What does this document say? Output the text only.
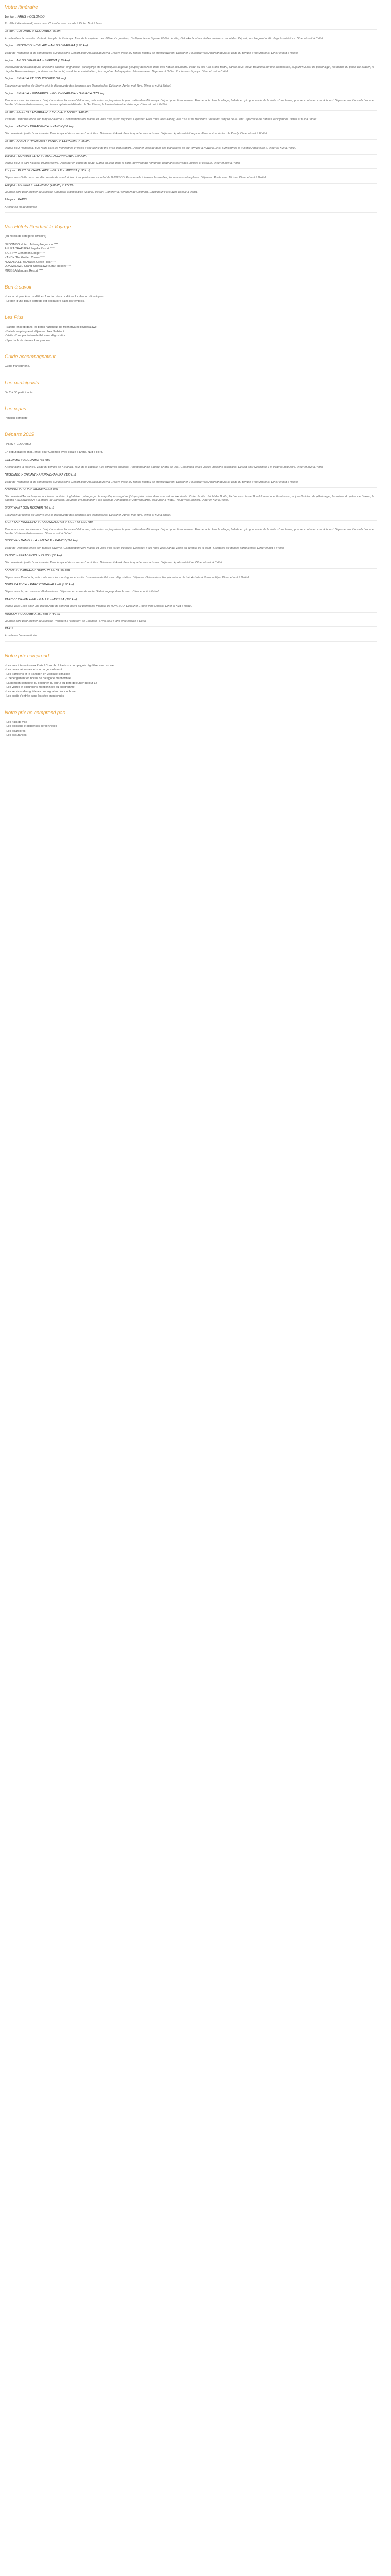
Votre itinéraire

1er jour : PARIS > COLOMBO

En début d'après-midi, envol pour Colombo avec escale à Doha. Nuit à bord.

2e jour : COLOMBO > NEGOMBO (65 km)

Arrivée dans la matinée. Visite du temple de Kelaniya. Tour de la capitale : les différents quartiers, l'indépendance Square, l'hôtel de ville, Galpokuda et les vieilles maisons coloniales. Départ pour Negombo. Fin d'après-midi libre. Dîner et nuit à l'hôtel.

3e jour : NEGOMBO > CHILAW > ANURADHAPURA (190 km)

Visite de Negombo et de son marché aux poissons. Départ pour Anuradhapura via Chilaw. Visite du temple hindou de Munneswaram. Déjeuner. Poursuite vers Anuradhapura et visite du temple d'Isurumuniya. Dîner et nuit à l'hôtel.

4e jour : ANURADHAPURA > SIGIRIYA (115 km)

Découverte d'Anuradhapura, ancienne capitale cinghalaise, qui regorge de magnifiques dagobas (stupas) décorées dans une nature luxuriante. Visite du site : Sri Maha Bodhi, l'arbre sous lequel Bouddha eut une illumination, aujourd'hui lieu de pèlerinage ; les ruines du palais de Brazen, le dagoba Ruwanweliseya ; la statue de Samadhi, bouddha en méditation ; les dagobas Abhayagiri et Jetavanarama. Déjeuner à l'hôtel. Route vers Sigiriya. Dîner et nuit à l'hôtel.

5e jour : SIGIRIYA ET SON ROCHER (20 km)

Excursion au rocher de Sigiriya et à la découverte des fresques des Demoiselles. Déjeuner. Après-midi libre. Dîner et nuit à l'hôtel.

6e jour : SIGIRIYA > MINNERIYA > POLONNARUWA > SIGIRIYA (170 km)

Rencontre avec les éleveurs d'éléphants dans la zone d'Habarana, puis safari en jeep dans le parc national de Minneriya. Départ pour Polonnaruwa. Promenade dans le village, balade en pirogue suivie de la visite d'une ferme, puis rencontre en char à boeuf. Déjeuner traditionnel chez une famille. Visite de Polonnaruwa, ancienne capitale médiévale : le Gal Vihara, le Lankatilaka et le Vatadage. Dîner et nuit à l'hôtel.

7e jour : SIGIRIYA > DAMBULLA > MATALE > KANDY (110 km)

Visite de Dambulla et de son temple-caverne. Continuation vers Matale et visite d'un jardin d'épices. Déjeuner. Puis route vers Kandy, ville d'art et de traditions. Visite du Temple de la Dent. Spectacle de danses kandyennes. Dîner et nuit à l'hôtel.

8e jour : KANDY > PERADENIYA > KANDY (30 km)

Découverte du jardin botanique de Peradeniya et de sa serre d'orchidées. Balade en tuk-tuk dans le quartier des artisans. Déjeuner. Après-midi libre pour flâner autour du lac de Kandy. Dîner et nuit à l'hôtel.

9e jour : KANDY > RAMBODA > NUWARA ELIYA (env. > 55 km)

Départ pour Ramboda, puis route vers les montagnes et visite d'une usine de thé avec dégustation. Déjeuner. Balade dans les plantations de thé. Arrivée à Nuwara Eliya, surnommée la « petite Angleterre ». Dîner et nuit à l'hôtel.

10e jour : NUWARA ELIYA > PARC D'UDAWALAWE (190 km)

Départ pour le parc national d'Udawalawe. Déjeuner en cours de route. Safari en jeep dans le parc, où vivent de nombreux éléphants sauvages, buffles et oiseaux. Dîner et nuit à l'hôtel.

11e jour : PARC D'UDAWALAWE > GALLE > MIRISSA (190 km)

Départ vers Galle pour une découverte de son fort inscrit au patrimoine mondial de l'UNESCO. Promenade à travers les ruelles, les remparts et le phare. Déjeuner. Route vers Mirissa. Dîner et nuit à l'hôtel.

12e jour : MIRISSA > COLOMBO (150 km) > PARIS

Journée libre pour profiter de la plage. Chambre à disposition jusqu'au départ. Transfert à l'aéroport de Colombo. Envol pour Paris avec escale à Doha.

13e jour : PARIS

Arrivée en fin de matinée.

Vos Hôtels Pendant le Voyage

(ou hôtels de catégorie similaire)

NEGOMBO Hotel : Jetwing Negombo ****
ANURADHAPURA Ulagalla Resort ****
SIGIRIYA Cinnamon Lodge ****
KANDY The Golden Crown ****
NUWARA ELIYA Araliya Green Hills ****
UDAWALAWE Grand Udawalawe Safari Resort ****
MIRISSA Mandara Resort ****
Bon à savoir
- Le circuit peut être modifié en fonction des conditions locales ou climatiques.
- Le port d'une tenue correcte est obligatoire dans les temples.
Les Plus
- Safaris en jeep dans les parcs nationaux de Minneriya et d'Udawalawe
- Balade en pirogue et déjeuner chez l'habitant
- Visite d'une plantation de thé avec dégustation
- Spectacle de danses kandyennes
Guide accompagnateur

Guide francophone.

Les participants

De 2 à 30 participants.

Les repas

Pension complète.

Départs 2019

PARIS > COLOMBO

En début d'après-midi, envol pour Colombo avec escale à Doha. Nuit à bord.

COLOMBO > NEGOMBO (65 km)

Arrivée dans la matinée. Visite du temple de Kelaniya. Tour de la capitale : les différents quartiers, l'indépendance Square, l'hôtel de ville, Galpokuda et les vieilles maisons coloniales. Départ pour Negombo. Fin d'après-midi libre. Dîner et nuit à l'hôtel.

NEGOMBO > CHILAW > ANURADHAPURA (190 km)

Visite de Negombo et de son marché aux poissons. Départ pour Anuradhapura via Chilaw. Visite du temple hindou de Munneswaram. Déjeuner. Poursuite vers Anuradhapura et visite du temple d'Isurumuniya. Dîner et nuit à l'hôtel.

ANURADHAPURA > SIGIRIYA (115 km)

Découverte d'Anuradhapura, ancienne capitale cinghalaise, qui regorge de magnifiques dagobas (stupas) décorées dans une nature luxuriante. Visite du site : Sri Maha Bodhi, l'arbre sous lequel Bouddha eut une illumination, aujourd'hui lieu de pèlerinage ; les ruines du palais de Brazen, le dagoba Ruwanweliseya ; la statue de Samadhi, bouddha en méditation ; les dagobas Abhayagiri et Jetavanarama. Déjeuner à l'hôtel. Route vers Sigiriya. Dîner et nuit à l'hôtel.

SIGIRIYA ET SON ROCHER (20 km)

Excursion au rocher de Sigiriya et à la découverte des fresques des Demoiselles. Déjeuner. Après-midi libre. Dîner et nuit à l'hôtel.

SIGIRIYA > MINNERIYA > POLONNARUWA > SIGIRIYA (170 km)

Rencontre avec les éleveurs d'éléphants dans la zone d'Habarana, puis safari en jeep dans le parc national de Minneriya. Départ pour Polonnaruwa. Promenade dans le village, balade en pirogue suivie de la visite d'une ferme, puis rencontre en char à boeuf. Déjeuner traditionnel chez une famille. Visite de Polonnaruwa. Dîner et nuit à l'hôtel.

SIGIRIYA > DAMBULLA > MATALE > KANDY (110 km)

Visite de Dambulla et de son temple-caverne. Continuation vers Matale et visite d'un jardin d'épices. Déjeuner. Puis route vers Kandy. Visite du Temple de la Dent. Spectacle de danses kandyennes. Dîner et nuit à l'hôtel.

KANDY > PERADENIYA > KANDY (30 km)

Découverte du jardin botanique de Peradeniya et de sa serre d'orchidées. Balade en tuk-tuk dans le quartier des artisans. Déjeuner. Après-midi libre. Dîner et nuit à l'hôtel.

KANDY > RAMBODA > NUWARA ELIYA (55 km)

Départ pour Ramboda, puis route vers les montagnes et visite d'une usine de thé avec dégustation. Déjeuner. Balade dans les plantations de thé. Arrivée à Nuwara Eliya. Dîner et nuit à l'hôtel.

NUWARA ELIYA > PARC D'UDAWALAWE (190 km)

Départ pour le parc national d'Udawalawe. Déjeuner en cours de route. Safari en jeep dans le parc. Dîner et nuit à l'hôtel.

PARC D'UDAWALAWE > GALLE > MIRISSA (190 km)

Départ vers Galle pour une découverte de son fort inscrit au patrimoine mondial de l'UNESCO. Déjeuner. Route vers Mirissa. Dîner et nuit à l'hôtel.

MIRISSA > COLOMBO (150 km) > PARIS

Journée libre pour profiter de la plage. Transfert à l'aéroport de Colombo. Envol pour Paris avec escale à Doha.

PARIS

Arrivée en fin de matinée.

Notre prix comprend
- Les vols internationaux Paris / Colombo / Paris sur compagnie régulière avec escale
- Les taxes aériennes et surcharge carburant
- Les transferts et le transport en véhicule climatisé
- L'hébergement en hôtels de catégorie mentionnée
- La pension complète du déjeuner du jour 2 au petit-déjeuner du jour 12
- Les visites et excursions mentionnées au programme
- Les services d'un guide accompagnateur francophone
- Les droits d'entrée dans les sites mentionnés
Notre prix ne comprend pas
- Les frais de visa
- Les boissons et dépenses personnelles
- Les pourboires
- Les assurances
